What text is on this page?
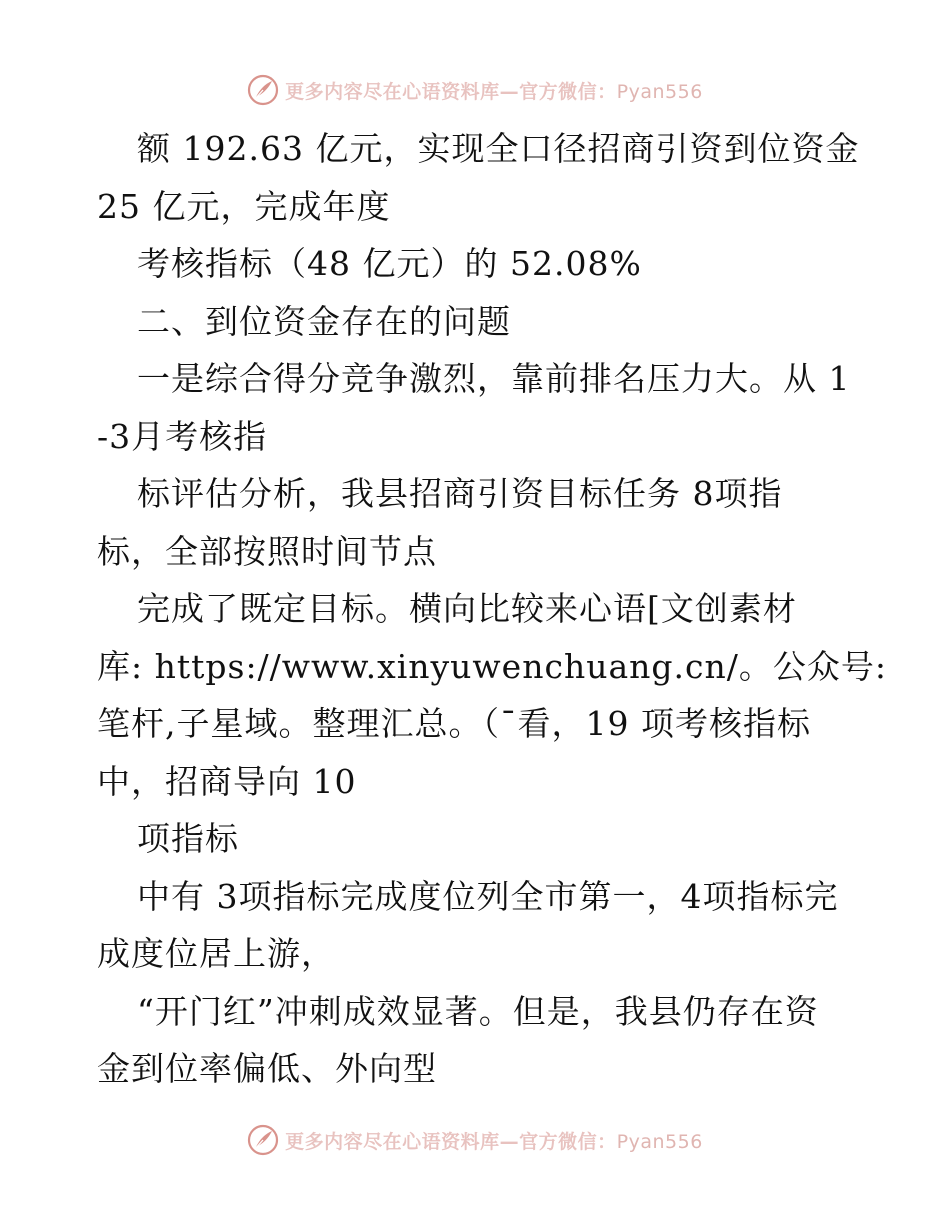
更多内容尽在心语资料库—官方微信：Pyan556
额 192.63 亿元，实现全口径招商引资到位资金
25 亿元，完成年度
考核指标（48 亿元）的 52.08%
二、到位资金存在的问题
一是综合得分竞争激烈，靠前排名压力大。从 1
-3月考核指
标评估分析，我县招商引资目标任务 8项指
标，全部按照时间节点
完成了既定目标。横向比较来心语[文创素材
库: https://www.xinyuwenchuang.cn/。公众号:
笔杆,子星域。整理汇总。（¯看，19 项考核指标
中，招商导向 10
项指标
中有 3项指标完成度位列全市第一，4项指标完
成度位居上游，
“开门红”冲刺成效显著。但是，我县仍存在资
金到位率偏低、外向型
更多内容尽在心语资料库—官方微信：Pyan556
